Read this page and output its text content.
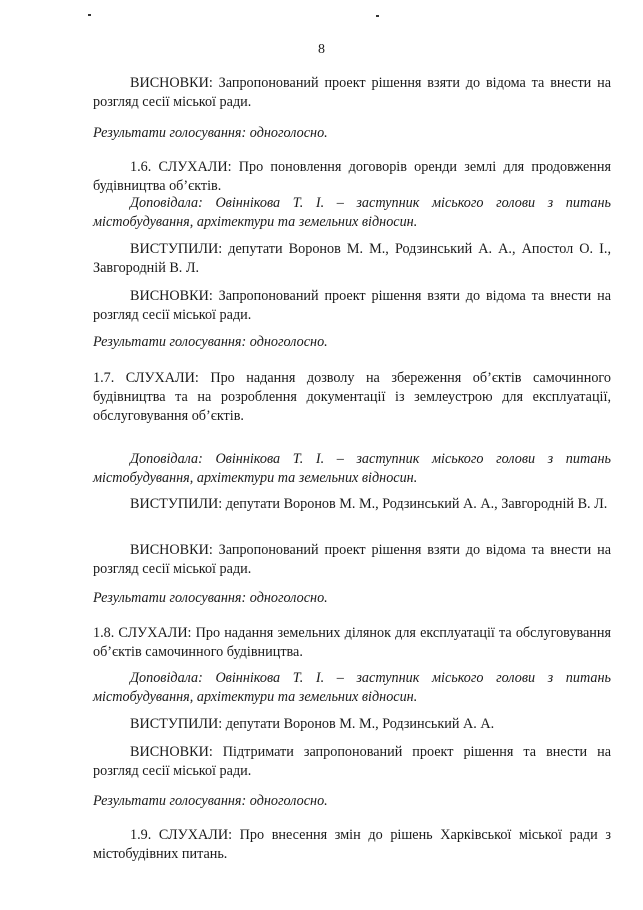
8

ВИСНОВКИ: Запропонований проект рішення взяти до відома та внести на розгляд сесії міської ради.

Результати голосування: одноголосно.

1.6. СЛУХАЛИ: Про поновлення договорів оренди землі для продовження будівництва об’єктів.

Доповідала: Овіннікова Т. І. – заступник міського голови з питань містобудування, архітектури та земельних відносин.

ВИСТУПИЛИ: депутати Воронов М. М., Родзинський А. А., Апостол О. І., Завгородній В. Л.

ВИСНОВКИ: Запропонований проект рішення взяти до відома та внести на розгляд сесії міської ради.

Результати голосування: одноголосно.

1.7. СЛУХАЛИ: Про надання дозволу на збереження об’єктів самочинного будівництва та на розроблення документації із землеустрою для експлуатації, обслуговування об’єктів.

Доповідала: Овіннікова Т. І. – заступник міського голови з питань містобудування, архітектури та земельних відносин.

ВИСТУПИЛИ: депутати Воронов М. М., Родзинський А. А., Завгородній В. Л.

ВИСНОВКИ: Запропонований проект рішення взяти до відома та внести на розгляд сесії міської ради.

Результати голосування: одноголосно.

1.8. СЛУХАЛИ: Про надання земельних ділянок для експлуатації та обслуговування об’єктів самочинного будівництва.

Доповідала: Овіннікова Т. І. – заступник міського голови з питань містобудування, архітектури та земельних відносин.

ВИСТУПИЛИ: депутати Воронов М. М., Родзинський А. А.

ВИСНОВКИ: Підтримати запропонований проект рішення та внести на розгляд сесії міської ради.

Результати голосування: одноголосно.

1.9. СЛУХАЛИ: Про внесення змін до рішень Харківської міської ради з містобудівних питань.
